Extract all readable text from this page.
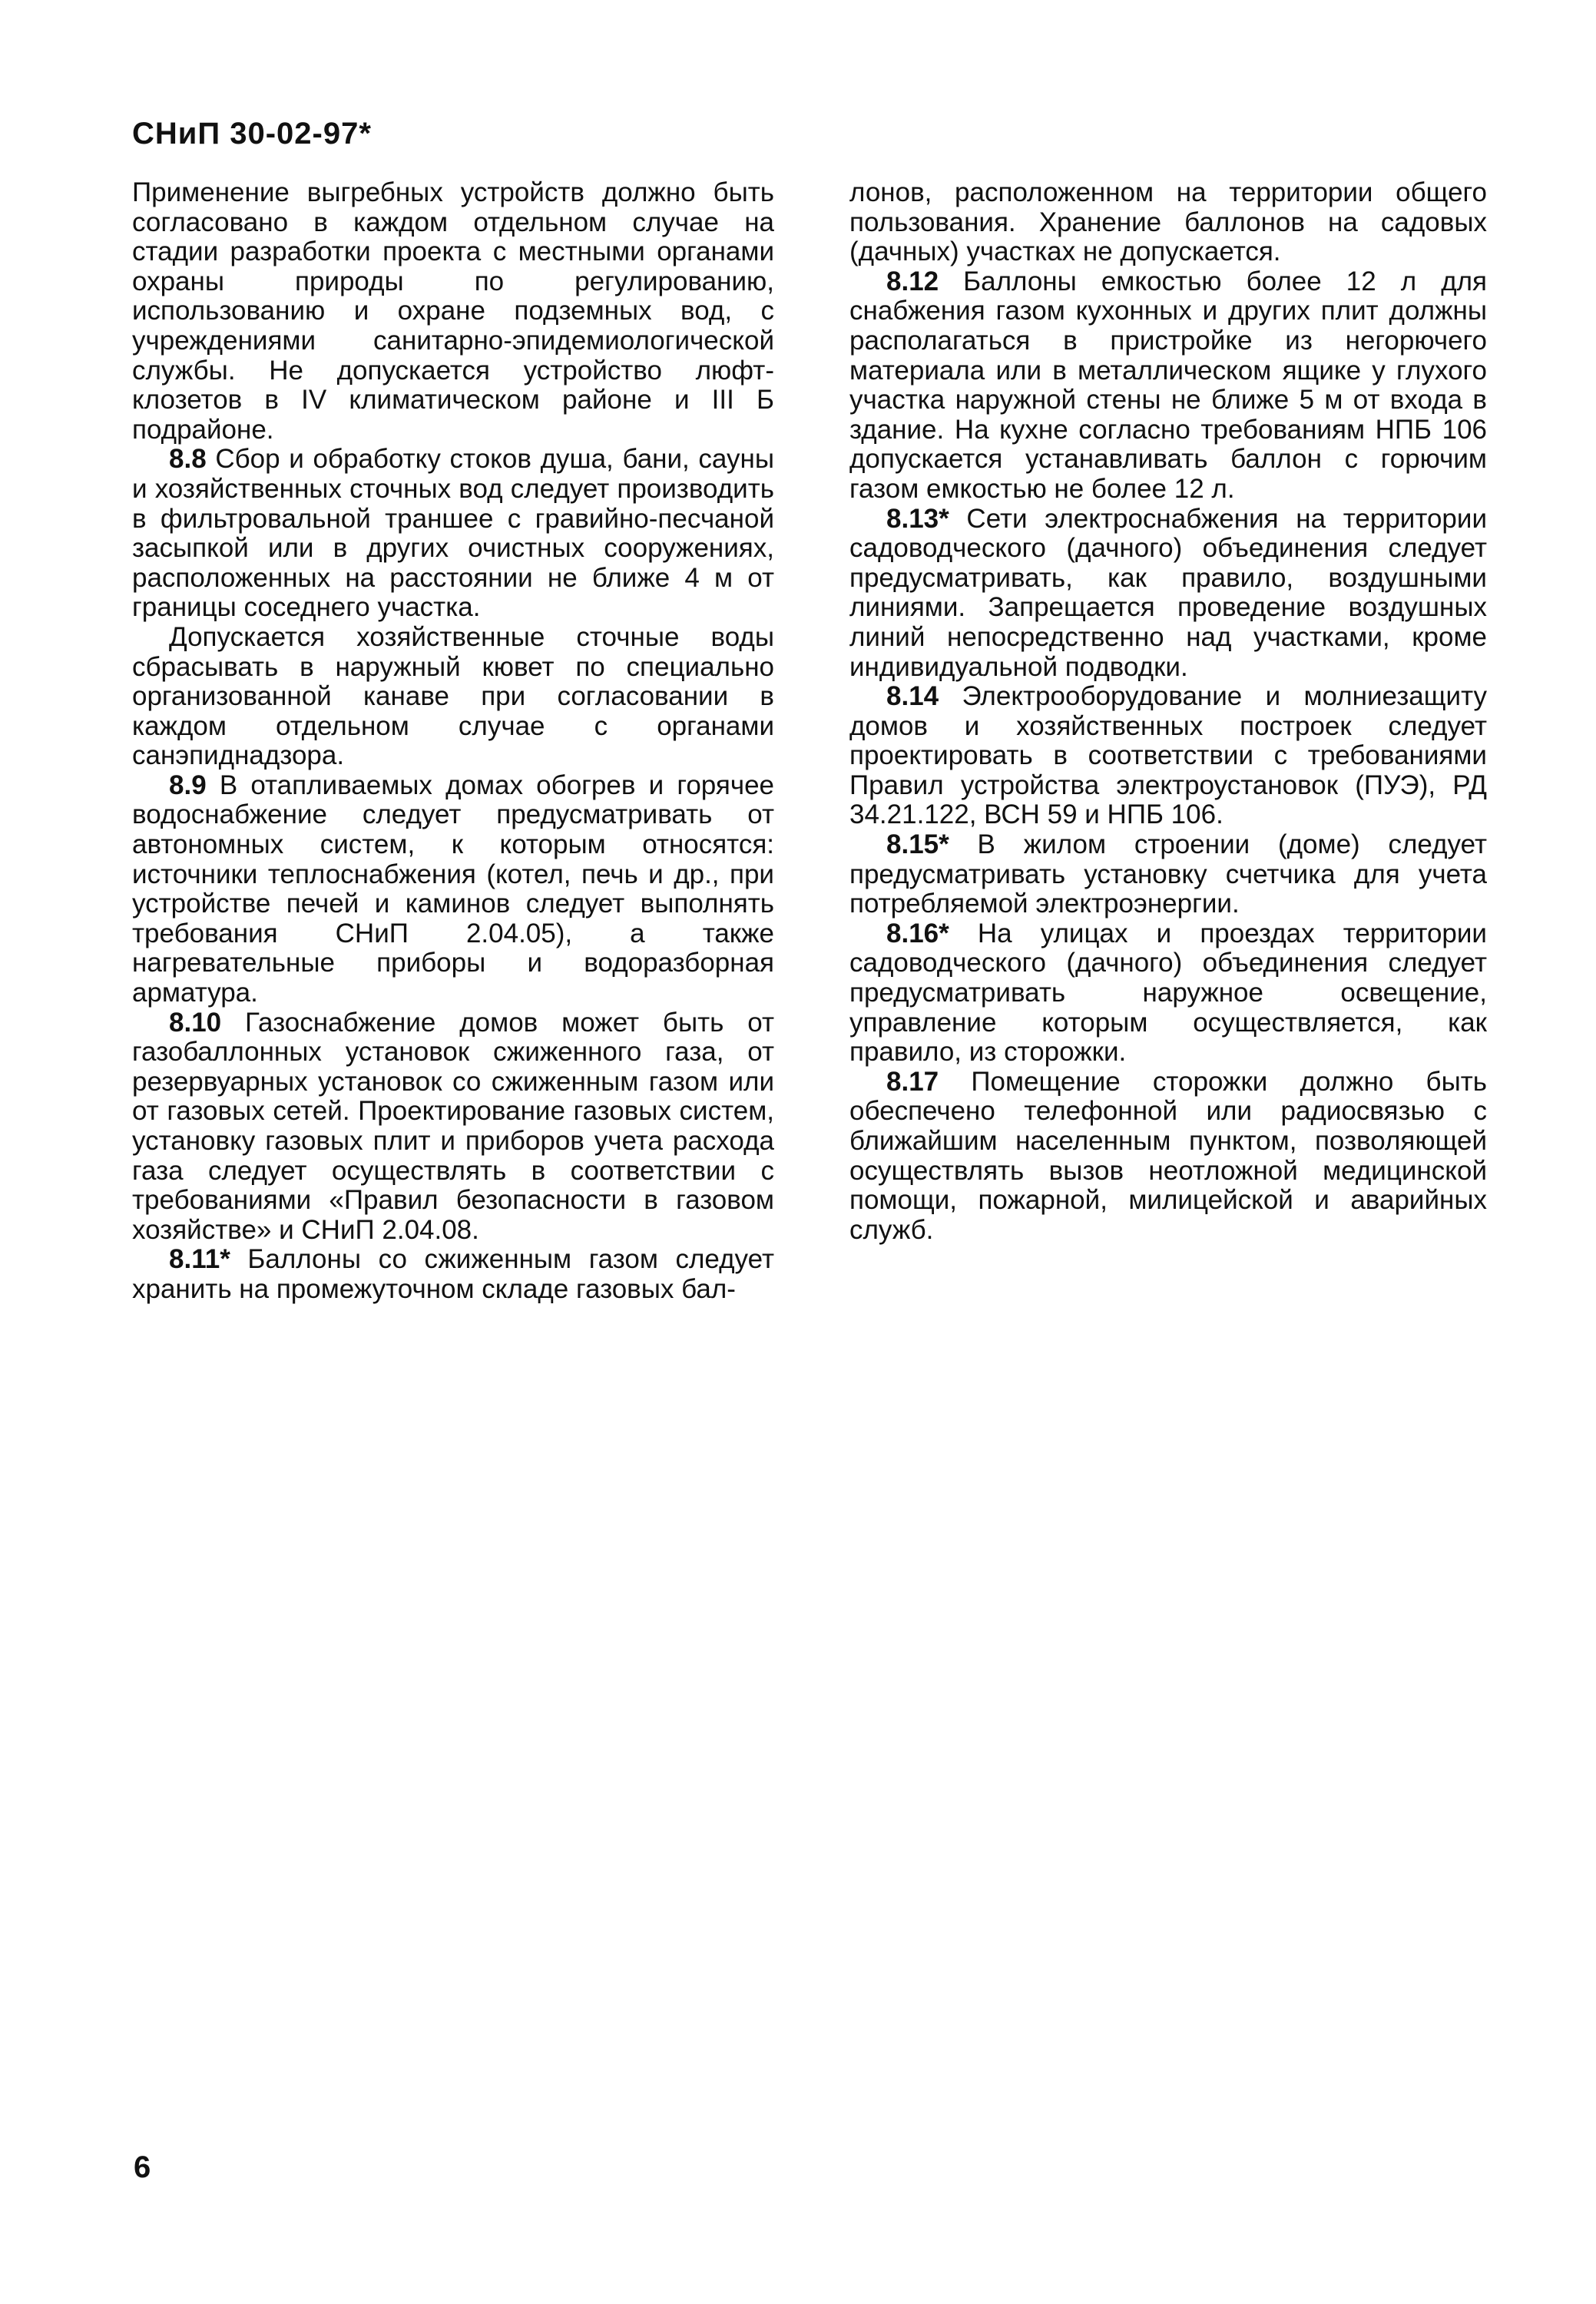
СНиП 30-02-97*

Применение выгребных устройств должно быть согласовано в каждом отдельном случае на стадии разработки проекта с местными органами охраны природы по регулированию, использованию и охране подземных вод, с учреждениями санитарно-эпидемиологической службы. Не допускается устройство люфт-клозетов в IV климатическом районе и III Б подрайоне.

8.8 Сбор и обработку стоков душа, бани, сауны и хозяйственных сточных вод следует производить в фильтровальной траншее с гравийно-песчаной засыпкой или в других очистных сооружениях, расположенных на расстоянии не ближе 4 м от границы соседнего участка.

Допускается хозяйственные сточные воды сбрасывать в наружный кювет по специально организованной канаве при согласовании в каждом отдельном случае с органами санэпиднадзора.

8.9 В отапливаемых домах обогрев и горячее водоснабжение следует предусматривать от автономных систем, к которым относятся: источники теплоснабжения (котел, печь и др., при устройстве печей и каминов следует выполнять требования СНиП 2.04.05), а также нагревательные приборы и водоразборная арматура.

8.10 Газоснабжение домов может быть от газобаллонных установок сжиженного газа, от резервуарных установок со сжиженным газом или от газовых сетей. Проектирование газовых систем, установку газовых плит и приборов учета расхода газа следует осуществлять в соответствии с требованиями «Правил безопасности в газовом хозяйстве» и СНиП 2.04.08.

8.11* Баллоны со сжиженным газом следует хранить на промежуточном складе газовых бал-

лонов, расположенном на территории общего пользования. Хранение баллонов на садовых (дачных) участках не допускается.

8.12 Баллоны емкостью более 12 л для снабжения газом кухонных и других плит должны располагаться в пристройке из негорючего материала или в металлическом ящике у глухого участка наружной стены не ближе 5 м от входа в здание. На кухне согласно требованиям НПБ 106 допускается устанавливать баллон с горючим газом емкостью не более 12 л.

8.13* Сети электроснабжения на территории садоводческого (дачного) объединения следует предусматривать, как правило, воздушными линиями. Запрещается проведение воздушных линий непосредственно над участками, кроме индивидуальной подводки.

8.14 Электрооборудование и молниезащиту домов и хозяйственных построек следует проектировать в соответствии с требованиями Правил устройства электроустановок (ПУЭ), РД 34.21.122, ВСН 59 и НПБ 106.

8.15* В жилом строении (доме) следует предусматривать установку счетчика для учета потребляемой электроэнергии.

8.16* На улицах и проездах территории садоводческого (дачного) объединения следует предусматривать наружное освещение, управление которым осуществляется, как правило, из сторожки.

8.17 Помещение сторожки должно быть обеспечено телефонной или радиосвязью с ближайшим населенным пунктом, позволяющей осуществлять вызов неотложной медицинской помощи, пожарной, милицейской и аварийных служб.

6
